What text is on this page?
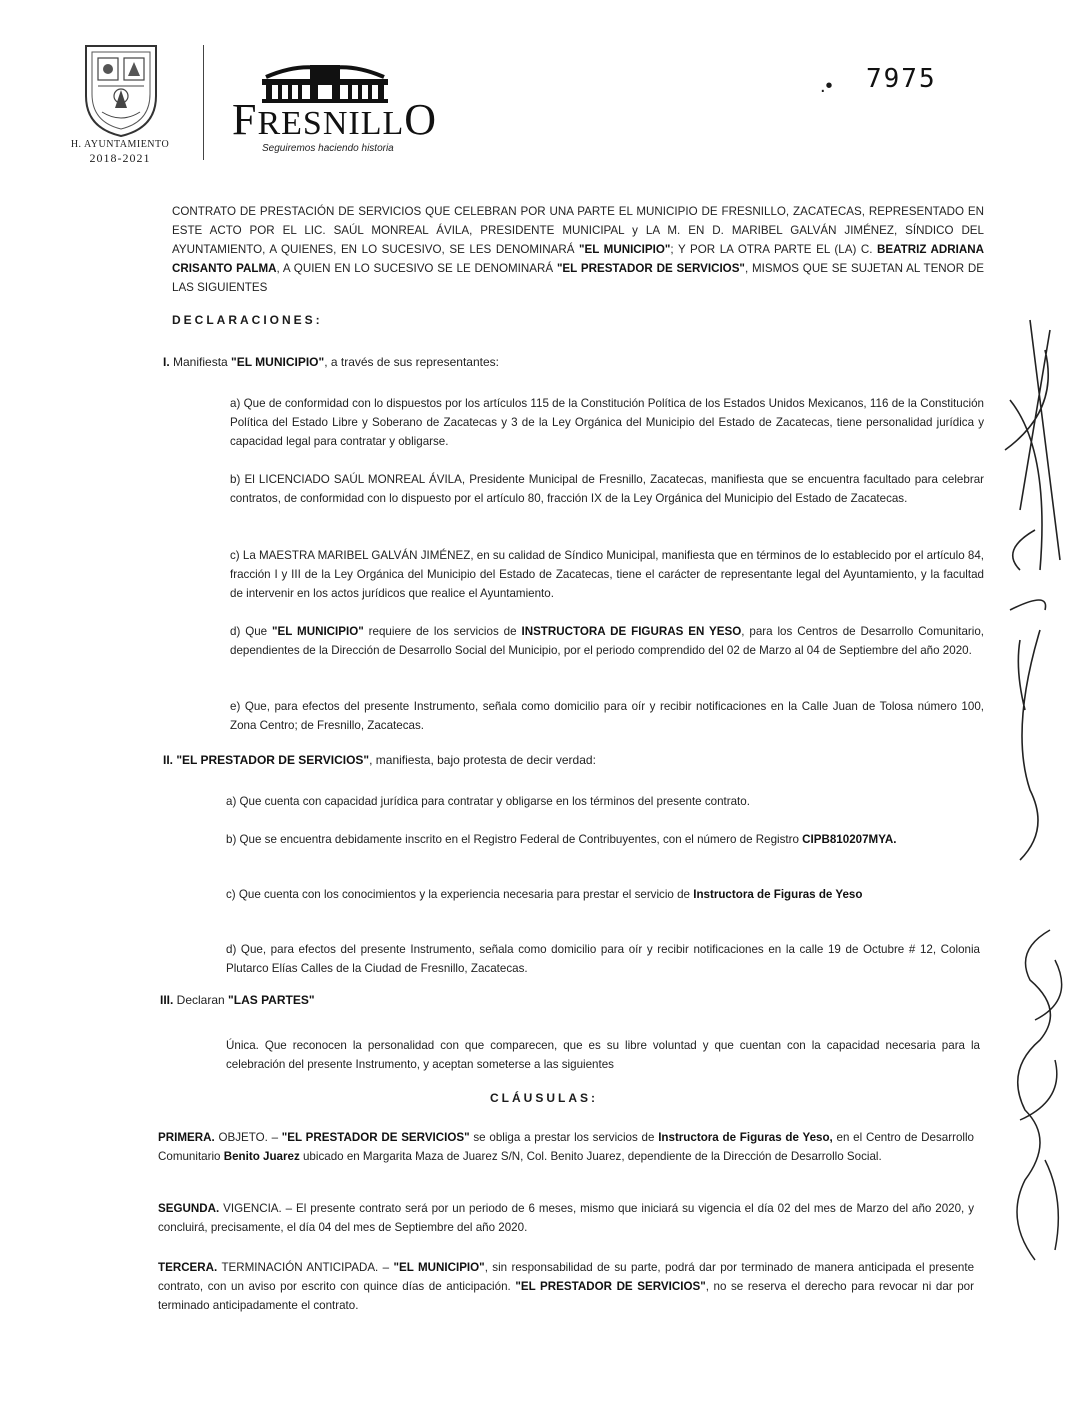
H. AYUNTAMIENTO
2018-2021
FRESNILLO
Seguiremos haciendo historia
.• 7975
CONTRATO DE PRESTACIÓN DE SERVICIOS QUE CELEBRAN POR UNA PARTE EL MUNICIPIO DE FRESNILLO, ZACATECAS, REPRESENTADO EN ESTE ACTO POR EL LIC. SAÚL MONREAL ÁVILA, PRESIDENTE MUNICIPAL y LA M. EN D. MARIBEL GALVÁN JIMÉNEZ, SÍNDICO DEL AYUNTAMIENTO, A QUIENES, EN LO SUCESIVO, SE LES DENOMINARÁ "EL MUNICIPIO"; Y POR LA OTRA PARTE EL (LA) C. BEATRIZ ADRIANA CRISANTO PALMA, A QUIEN EN LO SUCESIVO SE LE DENOMINARÁ "EL PRESTADOR DE SERVICIOS", MISMOS QUE SE SUJETAN AL TENOR DE LAS SIGUIENTES
DECLARACIONES:
I. Manifiesta "EL MUNICIPIO", a través de sus representantes:
a) Que de conformidad con lo dispuestos por los artículos 115 de la Constitución Política de los Estados Unidos Mexicanos, 116 de la Constitución Política del Estado Libre y Soberano de Zacatecas y 3 de la Ley Orgánica del Municipio del Estado de Zacatecas, tiene personalidad jurídica y capacidad legal para contratar y obligarse.
b) El LICENCIADO SAÚL MONREAL ÁVILA, Presidente Municipal de Fresnillo, Zacatecas, manifiesta que se encuentra facultado para celebrar contratos, de conformidad con lo dispuesto por el artículo 80, fracción IX de la Ley Orgánica del Municipio del Estado de Zacatecas.
c) La MAESTRA MARIBEL GALVÁN JIMÉNEZ, en su calidad de Síndico Municipal, manifiesta que en términos de lo establecido por el artículo 84, fracción I y III de la Ley Orgánica del Municipio del Estado de Zacatecas, tiene el carácter de representante legal del Ayuntamiento, y la facultad de intervenir en los actos jurídicos que realice el Ayuntamiento.
d) Que "EL MUNICIPIO" requiere de los servicios de INSTRUCTORA DE FIGURAS EN YESO, para los Centros de Desarrollo Comunitario, dependientes de la Dirección de Desarrollo Social del Municipio, por el periodo comprendido del 02 de Marzo al 04 de Septiembre del año 2020.
e) Que, para efectos del presente Instrumento, señala como domicilio para oír y recibir notificaciones en la Calle Juan de Tolosa número 100, Zona Centro; de Fresnillo, Zacatecas.
II. "EL PRESTADOR DE SERVICIOS", manifiesta, bajo protesta de decir verdad:
a) Que cuenta con capacidad jurídica para contratar y obligarse en los términos del presente contrato.
b) Que se encuentra debidamente inscrito en el Registro Federal de Contribuyentes, con el número de Registro CIPB810207MYA.
c) Que cuenta con los conocimientos y la experiencia necesaria para prestar el servicio de Instructora de Figuras de Yeso
d) Que, para efectos del presente Instrumento, señala como domicilio para oír y recibir notificaciones en la calle 19 de Octubre # 12, Colonia Plutarco Elías Calles de la Ciudad de Fresnillo, Zacatecas.
III. Declaran "LAS PARTES"
Única. Que reconocen la personalidad con que comparecen, que es su libre voluntad y que cuentan con la capacidad necesaria para la celebración del presente Instrumento, y aceptan someterse a las siguientes
CLÁUSULAS:
PRIMERA. OBJETO. – "EL PRESTADOR DE SERVICIOS" se obliga a prestar los servicios de Instructora de Figuras de Yeso, en el Centro de Desarrollo Comunitario Benito Juarez ubicado en Margarita Maza de Juarez S/N, Col. Benito Juarez, dependiente de la Dirección de Desarrollo Social.
SEGUNDA. VIGENCIA. – El presente contrato será por un periodo de 6 meses, mismo que iniciará su vigencia el día 02 del mes de Marzo del año 2020, y concluirá, precisamente, el día 04 del mes de Septiembre del año 2020.
TERCERA. TERMINACIÓN ANTICIPADA. – "EL MUNICIPIO", sin responsabilidad de su parte, podrá dar por terminado de manera anticipada el presente contrato, con un aviso por escrito con quince días de anticipación. "EL PRESTADOR DE SERVICIOS", no se reserva el derecho para revocar ni dar por terminado anticipadamente el contrato.
